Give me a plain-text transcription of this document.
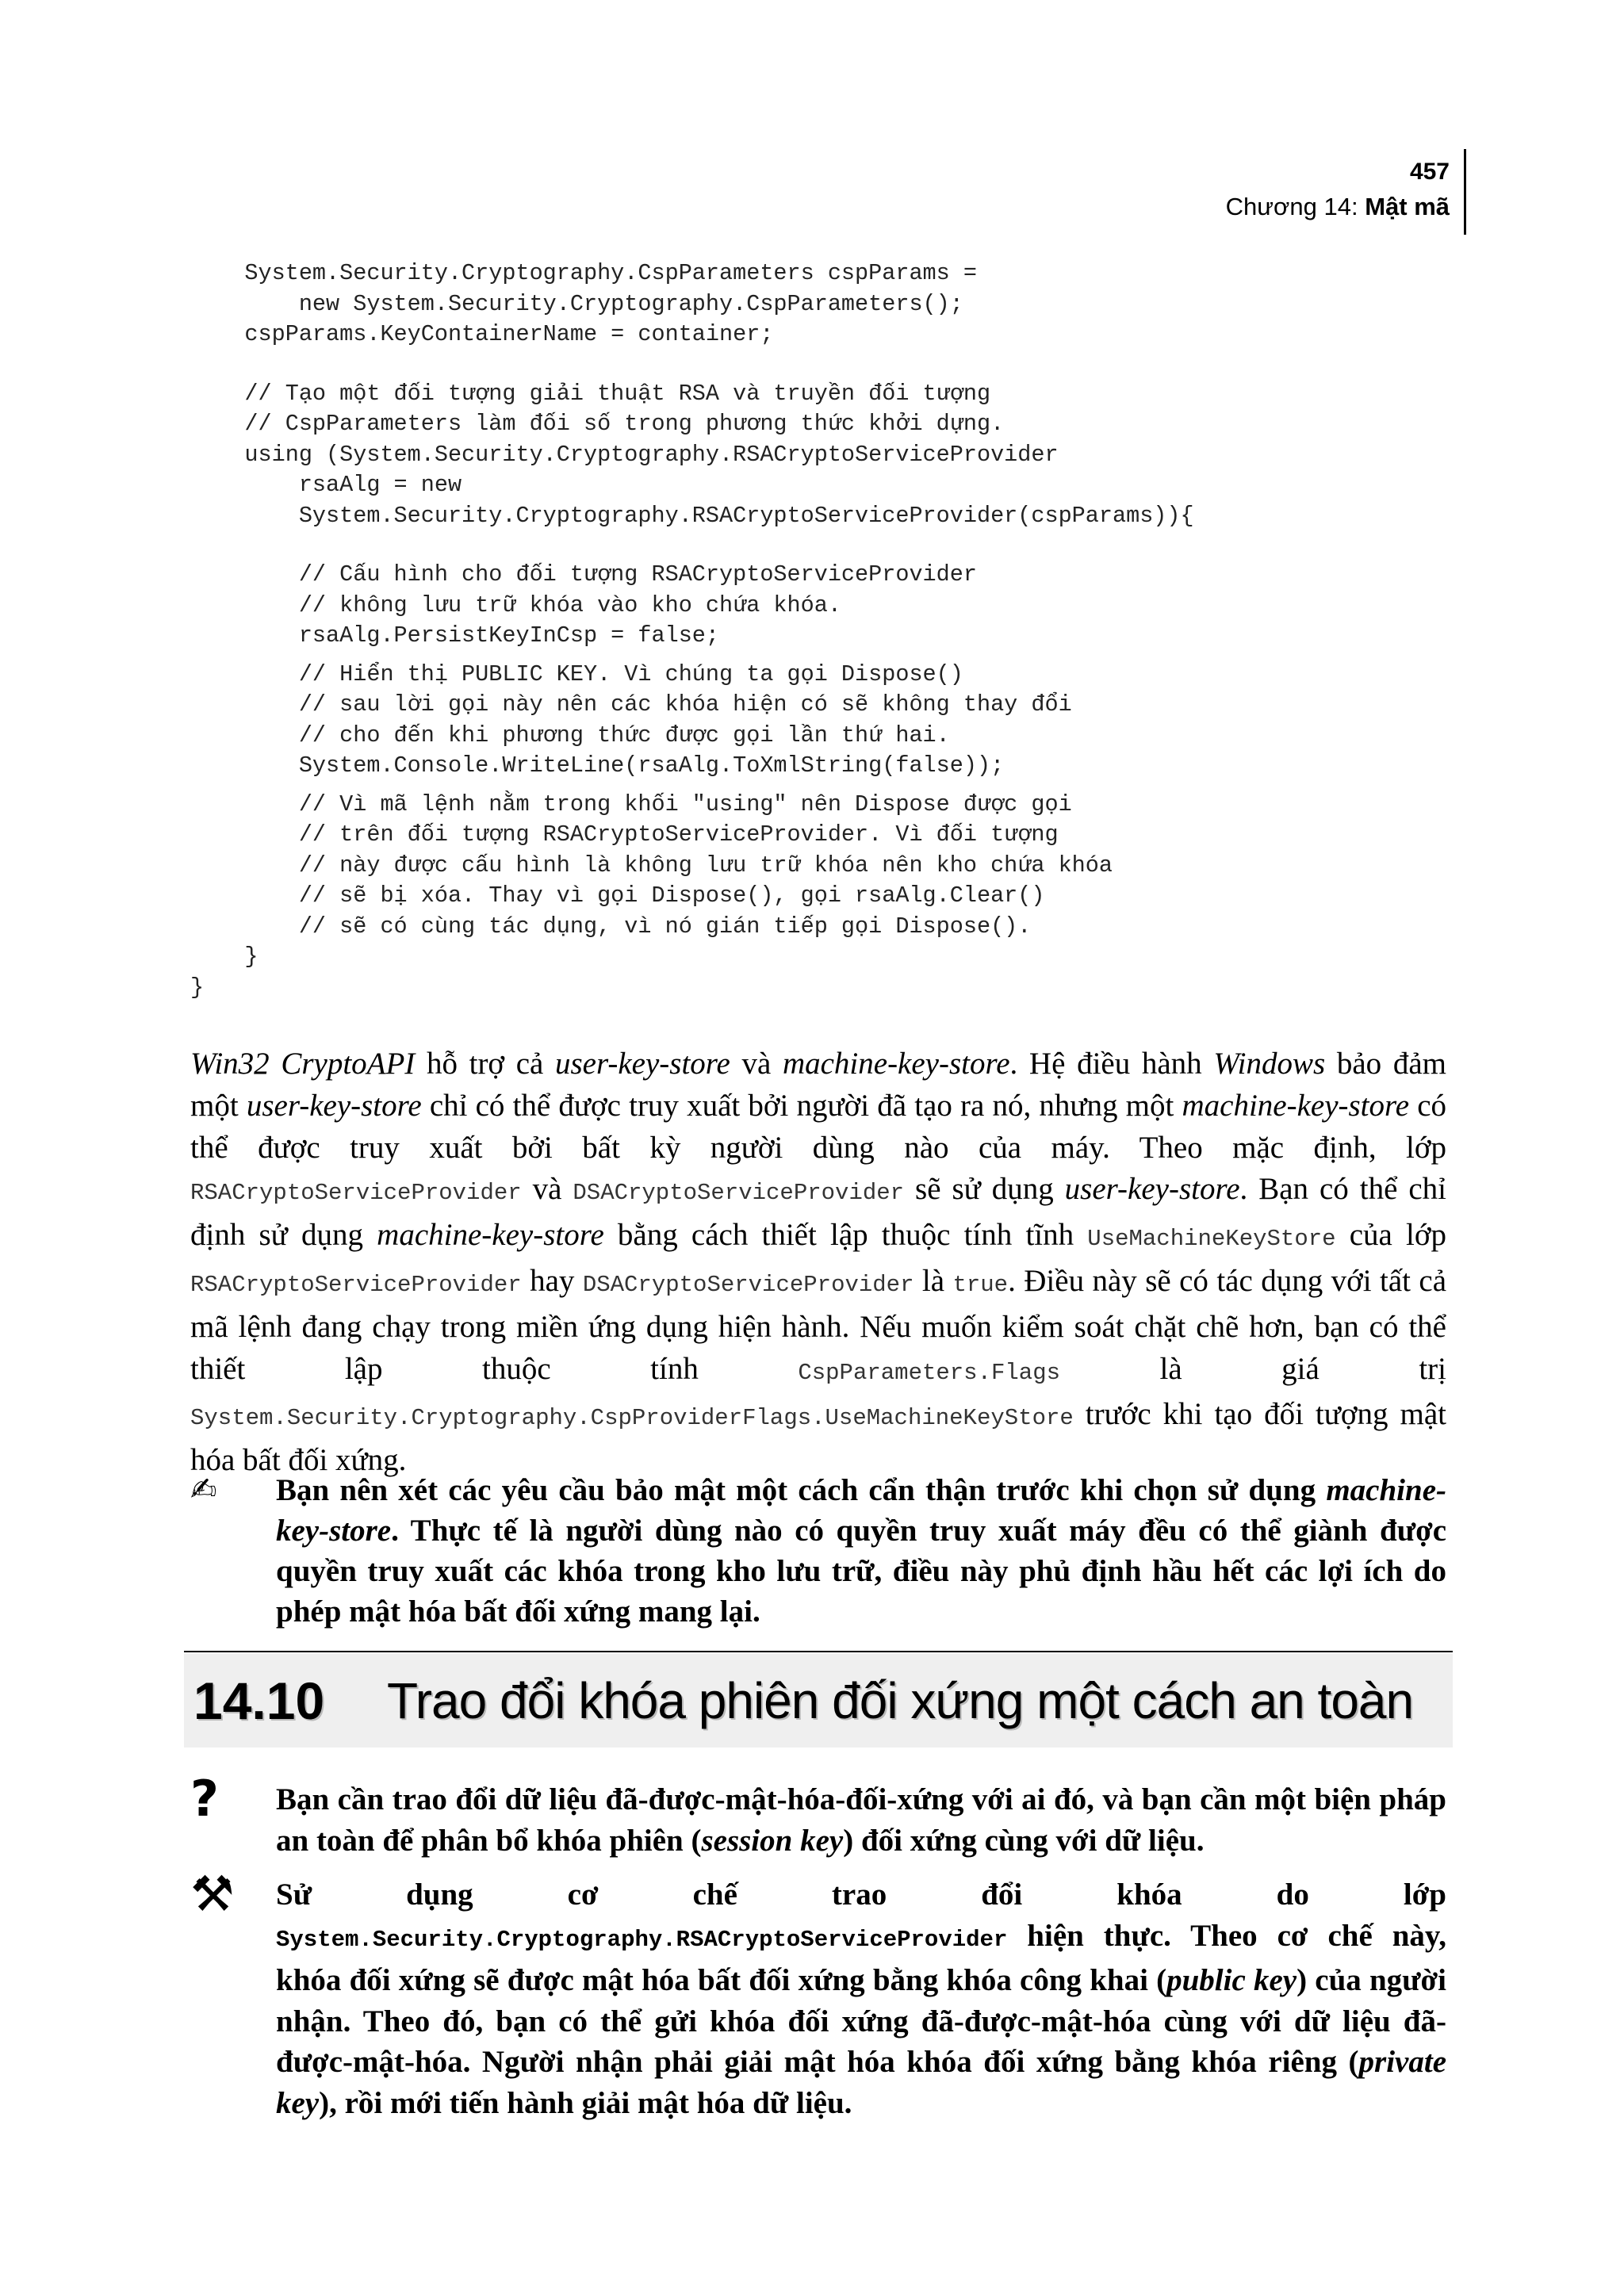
457
Chương 14: Mật mã
System.Security.Cryptography.CspParameters cspParams =
new System.Security.Cryptography.CspParameters();
cspParams.KeyContainerName = container;
// Tạo một đối tượng giải thuật RSA và truyền đối tượng
// CspParameters làm đối số trong phương thức khởi dựng.
using (System.Security.Cryptography.RSACryptoServiceProvider
rsaAlg = new
System.Security.Cryptography.RSACryptoServiceProvider(cspParams)){
// Cấu hình cho đối tượng RSACryptoServiceProvider
// không lưu trữ khóa vào kho chứa khóa.
rsaAlg.PersistKeyInCsp = false;
// Hiển thị PUBLIC KEY. Vì chúng ta gọi Dispose()
// sau lời gọi này nên các khóa hiện có sẽ không thay đổi
// cho đến khi phương thức được gọi lần thứ hai.
System.Console.WriteLine(rsaAlg.ToXmlString(false));
// Vì mã lệnh nằm trong khối "using" nên Dispose được gọi
// trên đối tượng RSACryptoServiceProvider. Vì đối tượng
// này được cấu hình là không lưu trữ khóa nên kho chứa khóa
// sẽ bị xóa. Thay vì gọi Dispose(), gọi rsaAlg.Clear()
// sẽ có cùng tác dụng, vì nó gián tiếp gọi Dispose().
}
}
Win32 CryptoAPI hỗ trợ cả user-key-store và machine-key-store. Hệ điều hành Windows bảo đảm một user-key-store chỉ có thể được truy xuất bởi người đã tạo ra nó, nhưng một machine-key-store có thể được truy xuất bởi bất kỳ người dùng nào của máy. Theo mặc định, lớp RSACryptoServiceProvider và DSACryptoServiceProvider sẽ sử dụng user-key-store. Bạn có thể chỉ định sử dụng machine-key-store bằng cách thiết lập thuộc tính tĩnh UseMachineKeyStore của lớp RSACryptoServiceProvider hay DSACryptoServiceProvider là true. Điều này sẽ có tác dụng với tất cả mã lệnh đang chạy trong miền ứng dụng hiện hành. Nếu muốn kiểm soát chặt chẽ hơn, bạn có thể thiết lập thuộc tính CspParameters.Flags là giá trị System.Security.Cryptography.CspProviderFlags.UseMachineKeyStore trước khi tạo đối tượng mật hóa bất đối xứng.
✍ Bạn nên xét các yêu cầu bảo mật một cách cẩn thận trước khi chọn sử dụng machine-key-store. Thực tế là người dùng nào có quyền truy xuất máy đều có thể giành được quyền truy xuất các khóa trong kho lưu trữ, điều này phủ định hầu hết các lợi ích do phép mật hóa bất đối xứng mang lại.
14.10 Trao đổi khóa phiên đối xứng một cách an toàn
? Bạn cần trao đổi dữ liệu đã-được-mật-hóa-đối-xứng với ai đó, và bạn cần một biện pháp an toàn để phân bổ khóa phiên (session key) đối xứng cùng với dữ liệu.
⚒ Sử dụng cơ chế trao đổi khóa do lớp System.Security.Cryptography.RSACryptoServiceProvider hiện thực. Theo cơ chế này, khóa đối xứng sẽ được mật hóa bất đối xứng bằng khóa công khai (public key) của người nhận. Theo đó, bạn có thể gửi khóa đối xứng đã-được-mật-hóa cùng với dữ liệu đã-được-mật-hóa. Người nhận phải giải mật hóa khóa đối xứng bằng khóa riêng (private key), rồi mới tiến hành giải mật hóa dữ liệu.
